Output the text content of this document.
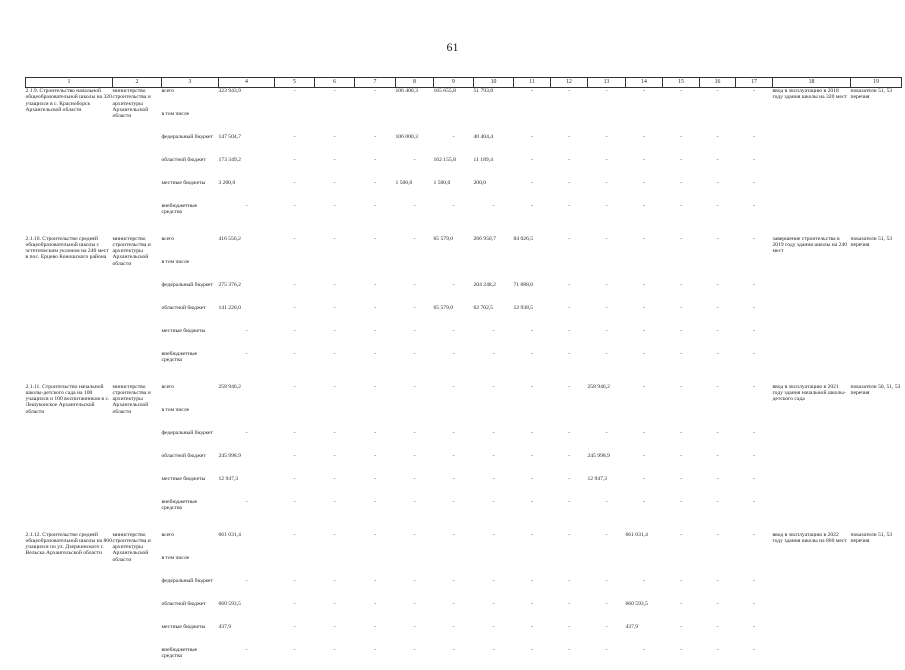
61
1	2	3	4	5	6	7	8	9	10	11	12	13	14	15	16	17	18	19
2.1.9. Строительство начальной общеобразовательной школы на 320 учащихся в с. Красноборск Архангельской области	министерство строительства и архитектуры Архангельской области	всего	323 943,9	-	-	-	106 400,3	165 655,8	51 793,8	-	-	-	-	-	-	-	ввод в эксплуатацию в 2018 году здания школы на 320 мест	показатели 51, 53 перечня
		в том числе																
		федеральный бюджет	147 504,7	-	-	-	106 000,3	-	40 404,4	-	-	-	-	-	-	-		
		областной бюджет	173 349,2	-	-	-	-	162 155,8	11 189,4	-	-	-	-	-	-	-		
		местные бюджеты	3 200,0	-	-	-	1 500,0	1 500,0	200,0	-	-	-	-	-	-	-		
		внебюджетные средства	-	-	-	-	-	-	-	-	-	-	-	-	-	-		

2.1.10. Строительство средней общеобразовательной школы с эстетическим уклоном на 240 мест в пос. Ерцево Коношского района	министерство строительства и архитектуры Архангельской области	всего	416 556,2	-	-	-	-	65 579,0	266 950,7	84 026,5	-	-	-	-	-	-	завершение строительства в 2019 году здания школы на 240 мест	показатели 51, 53 перечня
		в том числе																
		федеральный бюджет	275 376,2	-	-	-	-	-	204 248,2	71 088,0	-	-	-	-	-	-		
		областной бюджет	141 220,0	-	-	-	-	65 579,0	62 702,5	12 938,5	-	-	-	-	-	-		
		местные бюджеты	-	-	-	-	-	-	-	-	-	-	-	-	-	-		
		внебюджетные средства	-	-	-	-	-	-	-	-	-	-	-	-	-	-		

2.1.11. Строительство начальной школы-детского сада на 100 учащихся и 100 воспитанников в с. Лешуконское Архангельской области	министерство строительства и архитектуры Архангельской области	всего	258 946,2	-	-	-	-	-	-	-	-	258 946,2	-	-	-	-	ввод в эксплуатацию в 2021 году здания начальной школы-детского сада	показатели 50, 51, 53 перечня
		в том числе																
		федеральный бюджет	-	-	-	-	-	-	-	-	-	-	-	-	-	-		
		областной бюджет	245 998,9	-	-	-	-	-	-	-	-	245 998,9	-	-	-	-		
		местные бюджеты	12 947,3	-	-	-	-	-	-	-	-	12 947,3	-	-	-	-		
		внебюджетные средства	-	-	-	-	-	-	-	-	-	-	-	-	-	-		

2.1.12. Строительство средней общеобразовательной школы на 860 учащихся по ул. Дзержинского г. Вельска Архангельской области	министерство строительства и архитектуры Архангельской области	всего	661 031,4	-	-	-	-	-	-	-	-	-	661 031,4	-	-	-	ввод в эксплуатацию в 2022 году здания школы на 860 мест	показатели 51, 53 перечня
		в том числе																
		федеральный бюджет	-	-	-	-	-	-	-	-	-	-	-	-	-	-		
		областной бюджет	660 593,5	-	-	-	-	-	-	-	-	-	660 593,5	-	-	-		
		местные бюджеты	437,9	-	-	-	-	-	-	-	-	-	437,9	-	-	-		
		внебюджетные средства	-	-	-	-	-	-	-	-	-	-	-	-	-	-		
